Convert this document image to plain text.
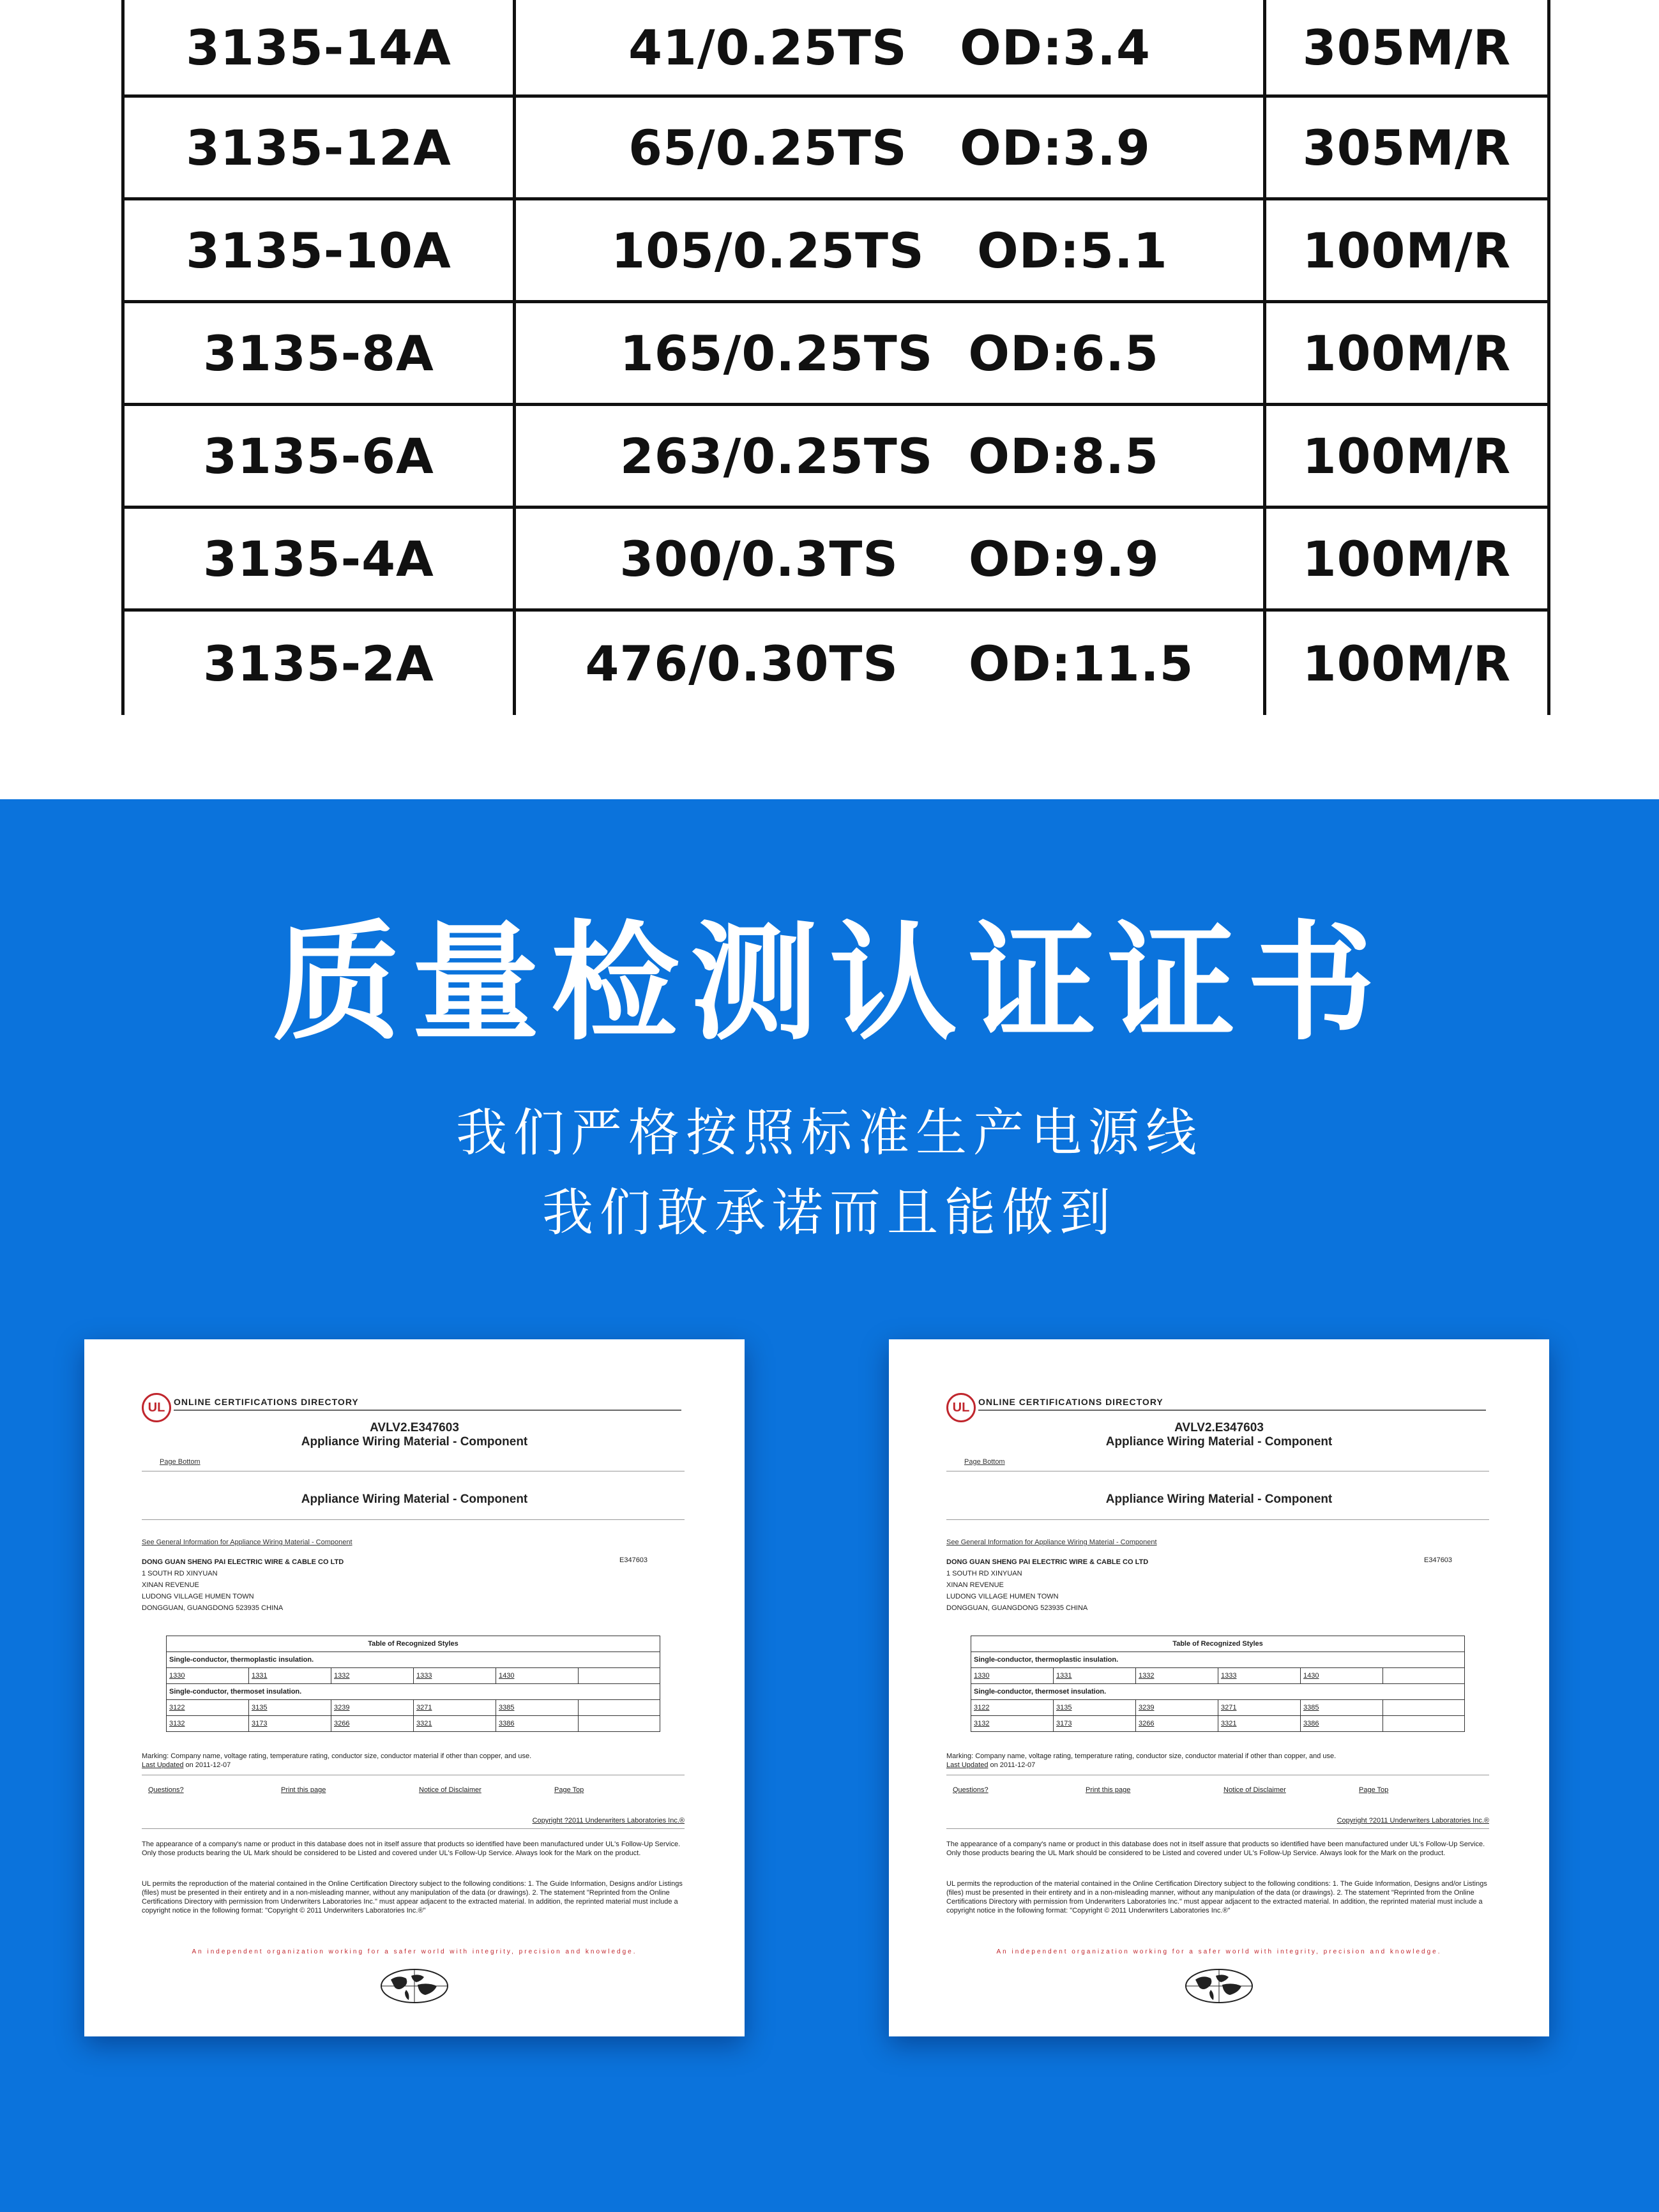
3135-14A	41/0.25TS   OD:3.4	305M/R
3135-12A	65/0.25TS   OD:3.9	305M/R
3135-10A	105/0.25TS   OD:5.1	100M/R
3135-8A	165/0.25TS  OD:6.5	100M/R
3135-6A	263/0.25TS  OD:8.5	100M/R
3135-4A	300/0.3TS    OD:9.9	100M/R
3135-2A	476/0.30TS    OD:11.5	100M/R
质量检测认证证书
我们严格按照标准生产电源线
我们敢承诺而且能做到
UL ONLINE CERTIFICATIONS DIRECTORY
AVLV2.E347603
Appliance Wiring Material - Component
Page Bottom
Appliance Wiring Material - Component
See General Information for Appliance Wiring Material - Component
DONG GUAN SHENG PAI ELECTRIC WIRE & CABLE CO LTD
1 SOUTH RD XINYUAN
XINAN REVENUE
LUDONG VILLAGE HUMEN TOWN
DONGGUAN, GUANGDONG 523935 CHINA
E347603
Table of Recognized Styles					
Single-conductor, thermoplastic insulation.					
1330	1331	1332	1333	1430	
Single-conductor, thermoset insulation.					
3122	3135	3239	3271	3385	
3132	3173	3266	3321	3386	
Marking: Company name, voltage rating, temperature rating, conductor size, conductor material if other than copper, and use.
Last Updated on 2011-12-07
Questions?	Print this page	Notice of Disclaimer	Page Top
Copyright ?2011 Underwriters Laboratories Inc.®
The appearance of a company's name or product in this database does not in itself assure that products so identified have been manufactured under UL's Follow-Up Service. Only those products bearing the UL Mark should be considered to be Listed and covered under UL's Follow-Up Service. Always look for the Mark on the product.
UL permits the reproduction of the material contained in the Online Certification Directory subject to the following conditions: 1. The Guide Information, Designs and/or Listings (files) must be presented in their entirety and in a non-misleading manner, without any manipulation of the data (or drawings). 2. The statement "Reprinted from the Online Certifications Directory with permission from Underwriters Laboratories Inc." must appear adjacent to the extracted material. In addition, the reprinted material must include a copyright notice in the following format: "Copyright © 2011 Underwriters Laboratories Inc.®"
An independent organization working for a safer world with integrity, precision and knowledge.
UL ONLINE CERTIFICATIONS DIRECTORY
AVLV2.E347603
Appliance Wiring Material - Component
Page Bottom
Appliance Wiring Material - Component
See General Information for Appliance Wiring Material - Component
DONG GUAN SHENG PAI ELECTRIC WIRE & CABLE CO LTD
1 SOUTH RD XINYUAN
XINAN REVENUE
LUDONG VILLAGE HUMEN TOWN
DONGGUAN, GUANGDONG 523935 CHINA
E347603
Table of Recognized Styles					
Single-conductor, thermoplastic insulation.					
1330	1331	1332	1333	1430	
Single-conductor, thermoset insulation.					
3122	3135	3239	3271	3385	
3132	3173	3266	3321	3386	
Marking: Company name, voltage rating, temperature rating, conductor size, conductor material if other than copper, and use.
Last Updated on 2011-12-07
Questions?	Print this page	Notice of Disclaimer	Page Top
Copyright ?2011 Underwriters Laboratories Inc.®
The appearance of a company's name or product in this database does not in itself assure that products so identified have been manufactured under UL's Follow-Up Service. Only those products bearing the UL Mark should be considered to be Listed and covered under UL's Follow-Up Service. Always look for the Mark on the product.
UL permits the reproduction of the material contained in the Online Certification Directory subject to the following conditions: 1. The Guide Information, Designs and/or Listings (files) must be presented in their entirety and in a non-misleading manner, without any manipulation of the data (or drawings). 2. The statement "Reprinted from the Online Certifications Directory with permission from Underwriters Laboratories Inc." must appear adjacent to the extracted material. In addition, the reprinted material must include a copyright notice in the following format: "Copyright © 2011 Underwriters Laboratories Inc.®"
An independent organization working for a safer world with integrity, precision and knowledge.
